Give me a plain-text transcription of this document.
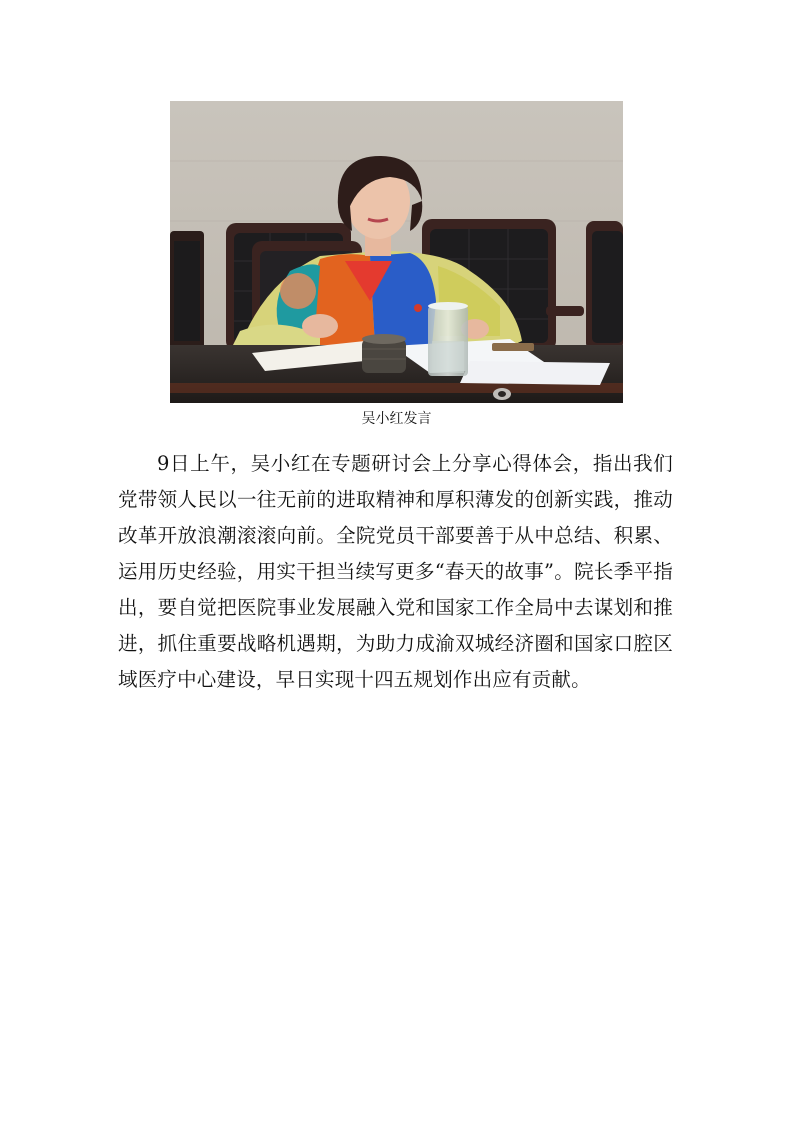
吴小红发言

9日上午，吴小红在专题研讨会上分享心得体会，指出我们党带领人民以一往无前的进取精神和厚积薄发的创新实践，推动改革开放浪潮滚滚向前。全院党员干部要善于从中总结、积累、运用历史经验，用实干担当续写更多“春天的故事”。院长季平指出，要自觉把医院事业发展融入党和国家工作全局中去谋划和推进，抓住重要战略机遇期，为助力成渝双城经济圈和国家口腔区域医疗中心建设，早日实现十四五规划作出应有贡献。
